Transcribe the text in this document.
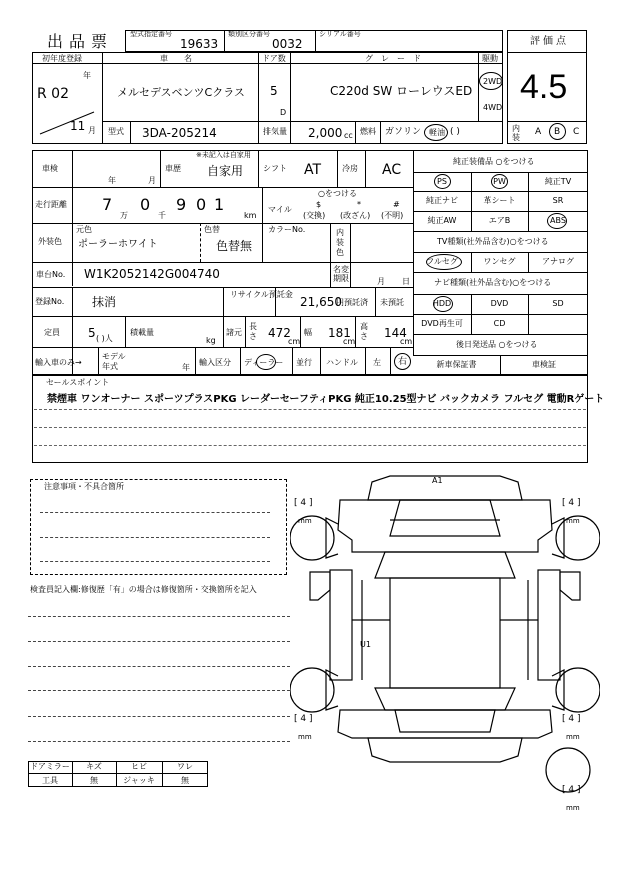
出品票 型式指定番号
19633
類別区分番号
0032
シリアル番号
評価点
4.5
初年度登録
年
R 02
11 月
車名
メルセデスベンツCクラス
ドア数
5
D
グレード
C220d SW ローレウスED
駆動
2WD
4WD
型式 3DA-205214	排気量 2,000 cc 燃料 ガソリン 軽油 ( )	内装
A B C
車検
年	月
車歴
※未記入は自家用
自家用 シフト AT	冷房 AC
走行距離 7
万
0
千
9 0 1
km
○をつける
マイル
$
(交換)
*
(改ざん)
#
(不明)
外装色
元色
ポーラーホワイト
色替
色替無
カラーNo.	内装色
車台No. W1K2052142G004740	名変期限	月 日
登録No. 抹消
リサイクル預託金
21,650
円預託済 未預託
定員 5 ( )人
積載量
kg
諸元
長さ 472
cm
幅 181
cm
高さ 144
cm
輸入車のみ→
モデル年式	年
輸入区分 ディーラー 並行 ハンドル 左 右
純正装備品 ○をつける
PS	PW	純正TV
純正ナビ	革シート	SR
純正AW	エアB	ABS
TV種類(社外品含む)○をつける
フルセグ	ワンセグ	アナログ
ナビ種類(社外品含む)○をつける
HDD	DVD	SD
DVD再生可	CD
後日発送品 ○をつける
新車保証書	車検証
セールスポイント
禁煙車 ワンオーナー スポーツプラスPKG レーダーセーフティPKG 純正10.25型ナビ バックカメラ フルセグ 電動Rゲート
注意事項・不具合箇所
検査員記入欄:修復歴「有」の場合は修復箇所・交換箇所を記入
A1
U1
[ 4 ]
mm
[ 4 ]
mm
[ 4 ]
mm
[ 4 ]
mm
[ 4 ]
mm
ドアミラー	キズ	ヒビ	ワレ
工具	無	ジャッキ	無
